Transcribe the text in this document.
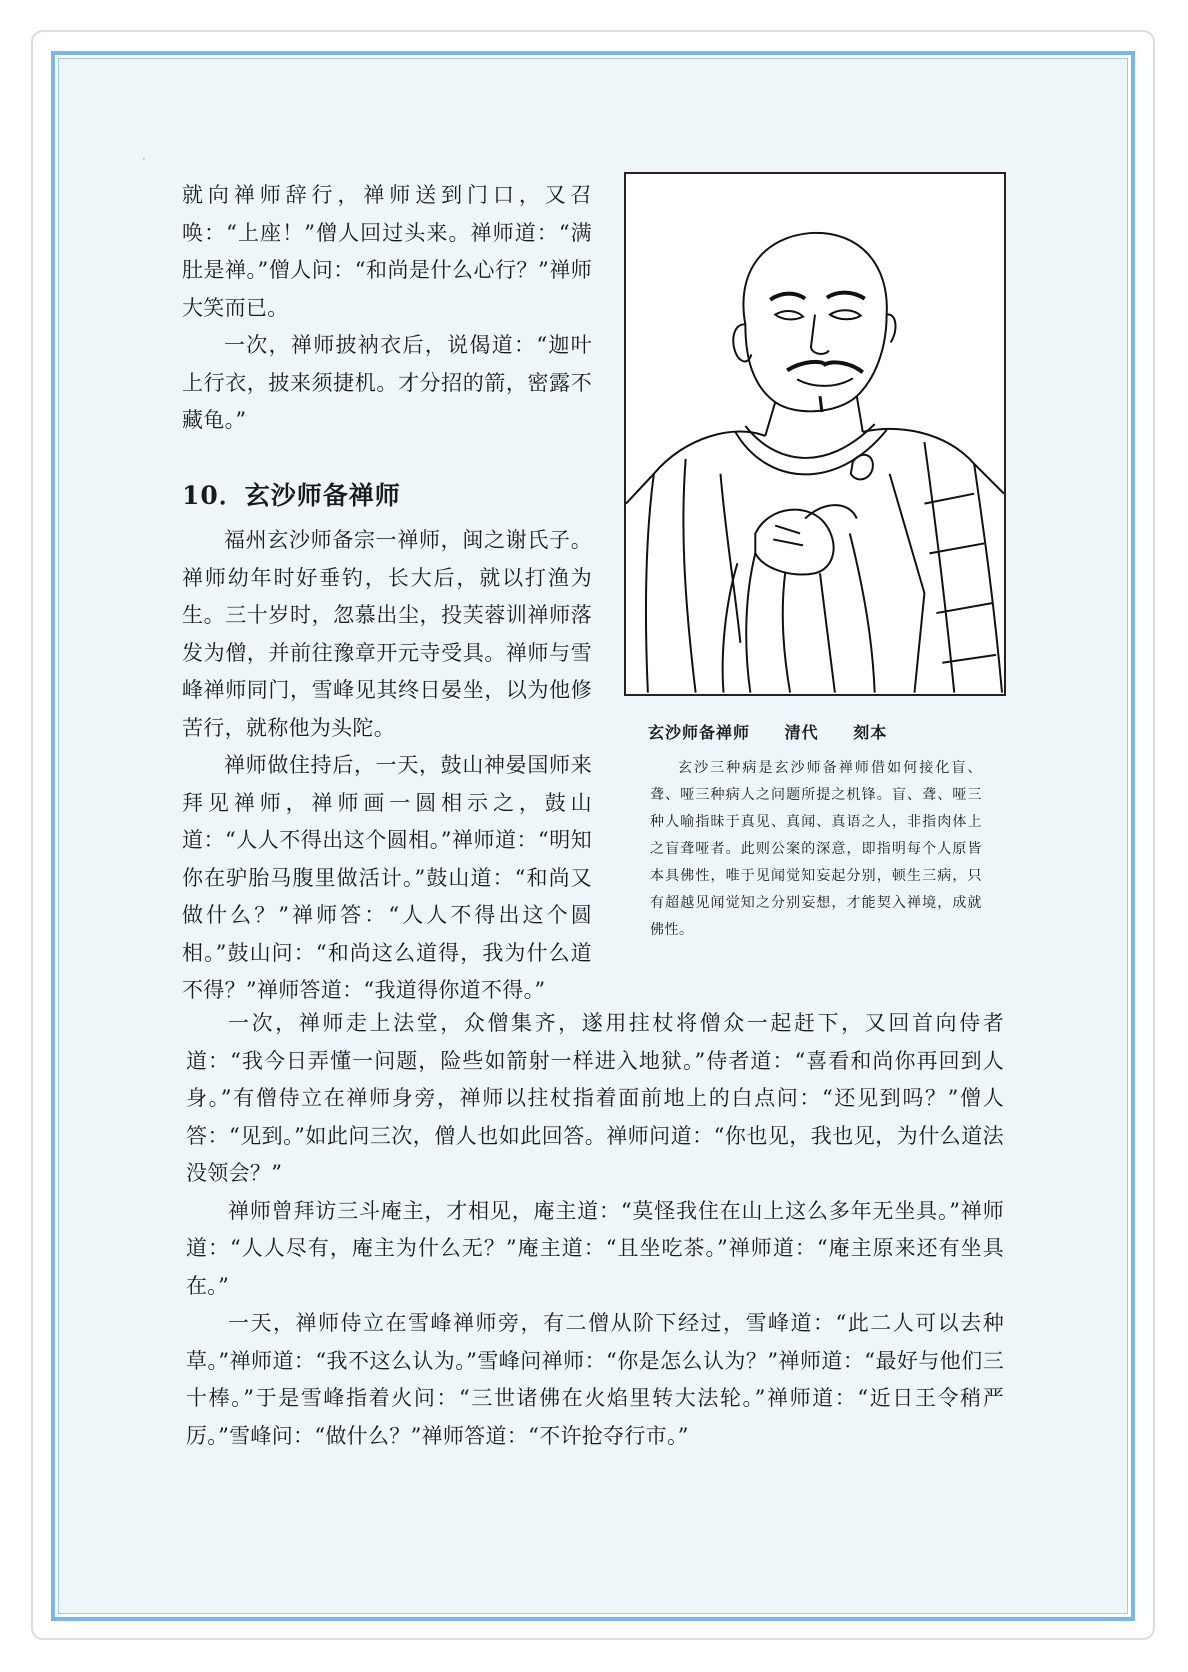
·

就向禅师辞行，禅师送到门口，又召唤：“上座！”僧人回过头来。禅师道：“满肚是禅。”僧人问：“和尚是什么心行？”禅师大笑而已。

一次，禅师披衲衣后，说偈道：“迦叶上行衣，披来须捷机。才分招的箭，密露不藏龟。”

10．玄沙师备禅师

福州玄沙师备宗一禅师，闽之谢氏子。禅师幼年时好垂钓，长大后，就以打渔为生。三十岁时，忽慕出尘，投芙蓉训禅师落发为僧，并前往豫章开元寺受具。禅师与雪峰禅师同门，雪峰见其终日晏坐，以为他修苦行，就称他为头陀。

禅师做住持后，一天，鼓山神晏国师来拜见禅师，禅师画一圆相示之，鼓山道：“人人不得出这个圆相。”禅师道：“明知你在驴胎马腹里做活计。”鼓山道：“和尚又做什么？”禅师答：“人人不得出这个圆相。”鼓山问：“和尚这么道得，我为什么道不得？”禅师答道：“我道得你道不得。”

玄沙师备禅师 清代 刻本

玄沙三种病是玄沙师备禅师借如何接化盲、聋、哑三种病人之问题所提之机锋。盲、聋、哑三种人喻指昧于真见、真闻、真语之人，非指肉体上之盲聋哑者。此则公案的深意，即指明每个人原皆本具佛性，唯于见闻觉知妄起分别，顿生三病，只有超越见闻觉知之分别妄想，才能契入禅境，成就佛性。

一次，禅师走上法堂，众僧集齐，遂用拄杖将僧众一起赶下，又回首向侍者道：“我今日弄懂一问题，险些如箭射一样进入地狱。”侍者道：“喜看和尚你再回到人身。”有僧侍立在禅师身旁，禅师以拄杖指着面前地上的白点问：“还见到吗？”僧人答：“见到。”如此问三次，僧人也如此回答。禅师问道：“你也见，我也见，为什么道法没领会？”

禅师曾拜访三斗庵主，才相见，庵主道：“莫怪我住在山上这么多年无坐具。”禅师道：“人人尽有，庵主为什么无？”庵主道：“且坐吃茶。”禅师道：“庵主原来还有坐具在。”

一天，禅师侍立在雪峰禅师旁，有二僧从阶下经过，雪峰道：“此二人可以去种草。”禅师道：“我不这么认为。”雪峰问禅师：“你是怎么认为？”禅师道：“最好与他们三十棒。”于是雪峰指着火问：“三世诸佛在火焰里转大法轮。”禅师道：“近日王令稍严厉。”雪峰问：“做什么？”禅师答道：“不许抢夺行市。”
